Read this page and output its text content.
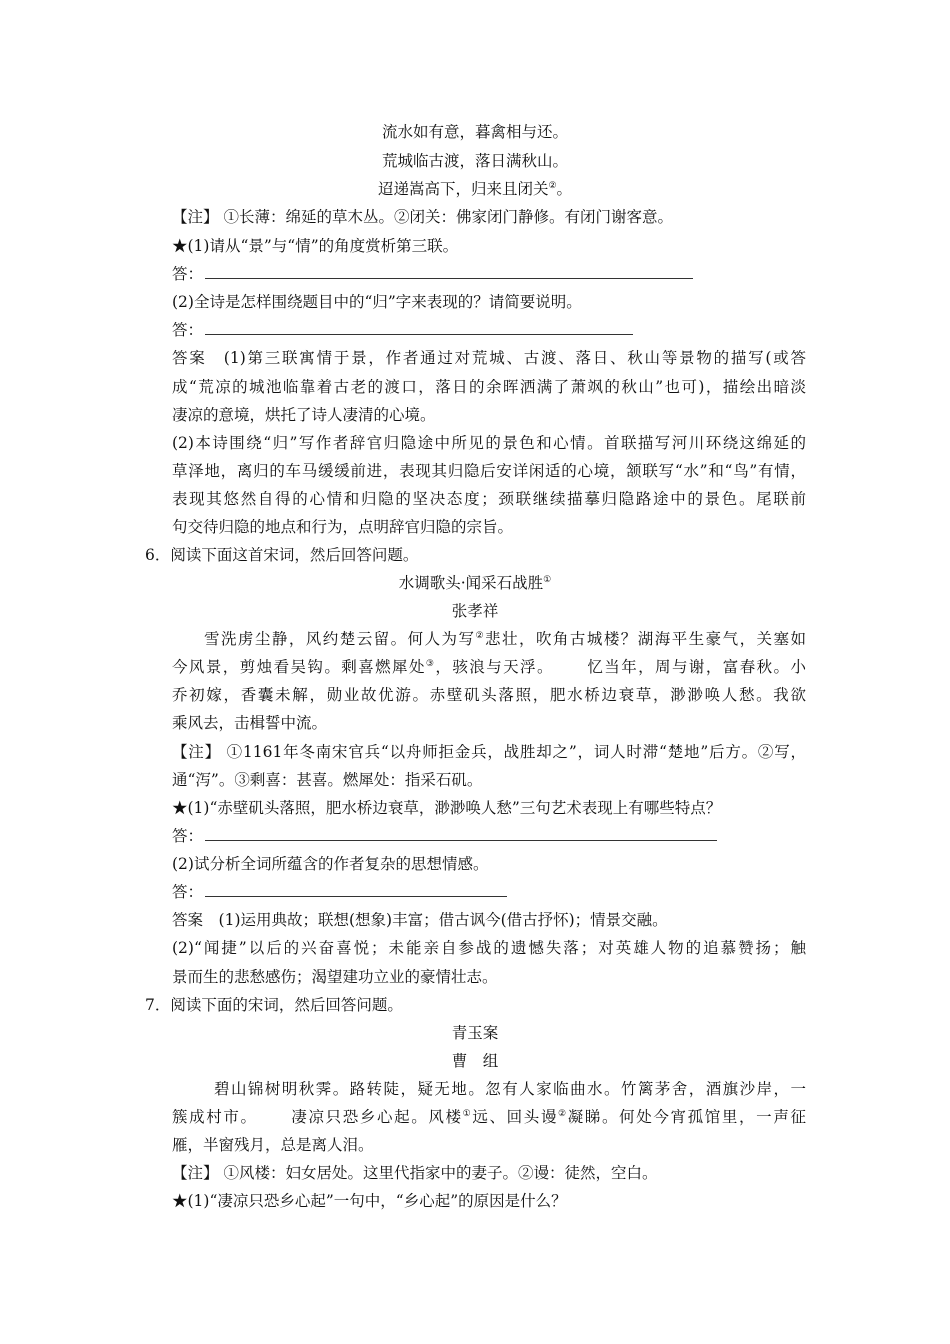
流水如有意，暮禽相与还。
荒城临古渡，落日满秋山。
迢递嵩高下，归来且闭关②。
【注】 ①长薄：绵延的草木丛。②闭关：佛家闭门静修。有闭门谢客意。
★(1)请从“景”与“情”的角度赏析第三联。
答：
(2)全诗是怎样围绕题目中的“归”字来表现的？请简要说明。
答：
答案　 (1)第三联寓情于景，作者通过对荒城、古渡、落日、秋山等景物的描写(或答
成“荒凉的城池临靠着古老的渡口，落日的余晖洒满了萧飒的秋山”也可)，描绘出暗淡
凄凉的意境，烘托了诗人凄清的心境。
(2)本诗围绕“归”写作者辞官归隐途中所见的景色和心情。首联描写河川环绕这绵延的
草泽地，离归的车马缓缓前进，表现其归隐后安详闲适的心境，颔联写“水”和“鸟”有情，
表现其悠然自得的心情和归隐的坚决态度；颈联继续描摹归隐路途中的景色。尾联前
句交待归隐的地点和行为，点明辞官归隐的宗旨。
6．阅读下面这首宋词，然后回答问题。
水调歌头·闻采石战胜①
张孝祥
雪洗虏尘静，风约楚云留。何人为写②悲壮，吹角古城楼？湖海平生豪气，关塞如
今风景，剪烛看吴钩。剩喜燃犀处③，骇浪与天浮。 忆当年，周与谢，富春秋。小
乔初嫁，香囊未解，勋业故优游。赤壁矶头落照，肥水桥边衰草，渺渺唤人愁。我欲
乘风去，击楫誓中流。
【注】 ①1161年冬南宋官兵“以舟师拒金兵，战胜却之”，词人时滞“楚地”后方。②写，
通“泻”。③剩喜：甚喜。燃犀处：指采石矶。
★(1)“赤壁矶头落照，肥水桥边衰草，渺渺唤人愁”三句艺术表现上有哪些特点？
答：
(2)试分析全词所蕴含的作者复杂的思想情感。
答：
答案　 (1)运用典故；联想(想象)丰富；借古讽今(借古抒怀)；情景交融。
(2)“闻捷”以后的兴奋喜悦；未能亲自参战的遗憾失落；对英雄人物的追慕赞扬；触
景而生的悲愁感伤；渴望建功立业的豪情壮志。
7．阅读下面的宋词，然后回答问题。
青玉案
曹　组
碧山锦树明秋霁。路转陡，疑无地。忽有人家临曲水。竹篱茅舍，酒旗沙岸，一
簇成村市。 凄凉只恐乡心起。风楼①远、回头谩②凝睇。何处今宵孤馆里，一声征
雁，半窗残月，总是离人泪。
【注】 ①风楼：妇女居处。这里代指家中的妻子。②谩：徒然，空白。
★(1)“凄凉只恐乡心起”一句中，“乡心起”的原因是什么？
